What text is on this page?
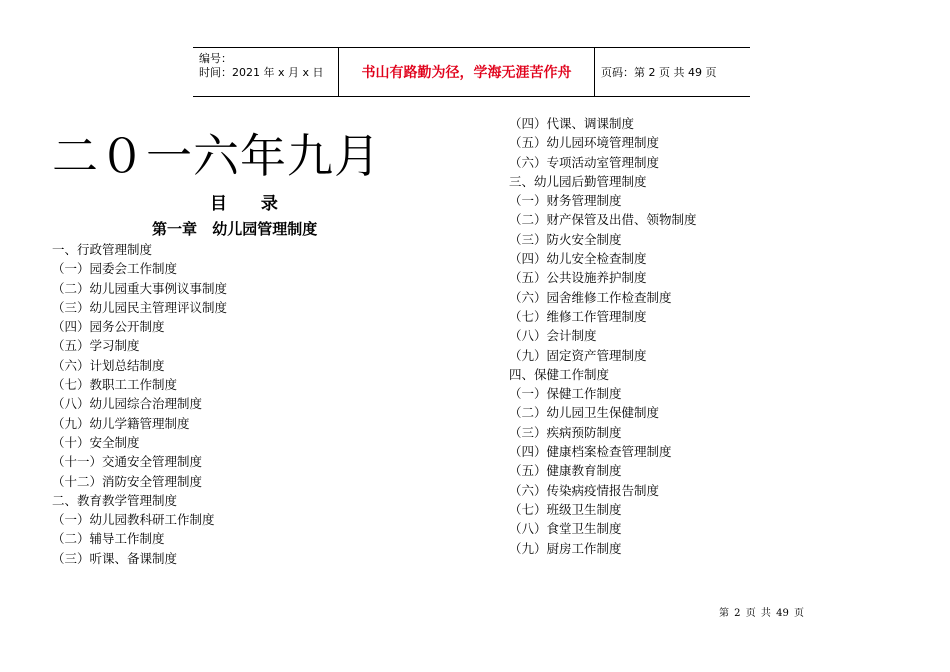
编号：
时间：2021 年 x 月 x 日	书山有路勤为径，学海无涯苦作舟	页码：第 2 页 共 49 页
二０一六年九月
目 录
第一章 幼儿园管理制度
一、行政管理制度
（一）园委会工作制度
（二）幼儿园重大事例议事制度
（三）幼儿园民主管理评议制度
（四）园务公开制度
（五）学习制度
（六）计划总结制度
（七）教职工工作制度
（八）幼儿园综合治理制度
（九）幼儿学籍管理制度
（十）安全制度
（十一）交通安全管理制度
（十二）消防安全管理制度
二、教育教学管理制度
（一）幼儿园教科研工作制度
（二）辅导工作制度
（三）听课、备课制度
（四）代课、调课制度
（五）幼儿园环境管理制度
（六）专项活动室管理制度
三、幼儿园后勤管理制度
（一）财务管理制度
（二）财产保管及出借、领物制度
（三）防火安全制度
（四）幼儿安全检查制度
（五）公共设施养护制度
（六）园舍维修工作检查制度
（七）维修工作管理制度
（八）会计制度
（九）固定资产管理制度
四、保健工作制度
（一）保健工作制度
（二）幼儿园卫生保健制度
（三）疾病预防制度
（四）健康档案检查管理制度
（五）健康教育制度
（六）传染病疫情报告制度
（七）班级卫生制度
（八）食堂卫生制度
（九）厨房工作制度
第 2 页 共 49 页
